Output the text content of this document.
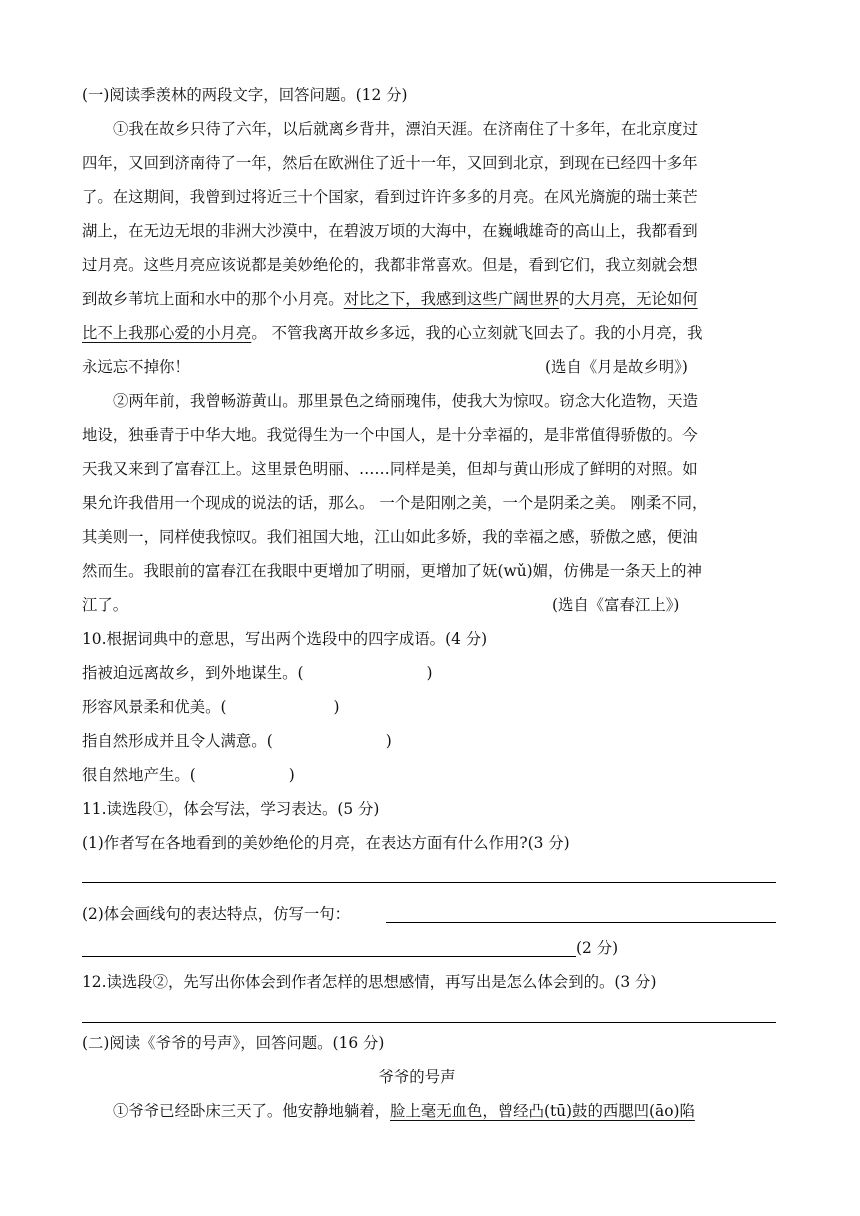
(一)阅读季羡林的两段文字，回答问题。(12 分)

①我在故乡只待了六年，以后就离乡背井，漂泊天涯。在济南住了十多年，在北京度过

四年，又回到济南待了一年，然后在欧洲住了近十一年，又回到北京，到现在已经四十多年

了。在这期间，我曾到过将近三十个国家，看到过许许多多的月亮。在风光旖旎的瑞士莱芒

湖上，在无边无垠的非洲大沙漠中，在碧波万顷的大海中，在巍峨雄奇的高山上，我都看到

过月亮。这些月亮应该说都是美妙绝伦的，我都非常喜欢。但是，看到它们，我立刻就会想

到故乡苇坑上面和水中的那个小月亮。对比之下，我感到这些广阔世界的大月亮，无论如何

比不上我那心爱的小月亮。 不管我离开故乡多远，我的心立刻就飞回去了。我的小月亮，我

永远忘不掉你！	(选自《月是故乡明》)

②两年前，我曾畅游黄山。那里景色之绮丽瑰伟，使我大为惊叹。窃念大化造物，天造

地设，独垂青于中华大地。我觉得生为一个中国人，是十分幸福的，是非常值得骄傲的。今

天我又来到了富春江上。这里景色明丽、……同样是美，但却与黄山形成了鲜明的对照。如

果允许我借用一个现成的说法的话，那么。 一个是阳刚之美，一个是阴柔之美。 刚柔不同，

其美则一，同样使我惊叹。我们祖国大地，江山如此多娇，我的幸福之感，骄傲之感，便油

然而生。我眼前的富春江在我眼中更增加了明丽，更增加了妩(wǔ)媚，仿佛是一条天上的神

江了。	(选自《富春江上》)

10.根据词典中的意思，写出两个选段中的四字成语。(4 分)

指被迫远离故乡，到外地谋生。(	)

形容风景柔和优美。(	)

指自然形成并且令人满意。(	)

很自然地产生。(	)

11.读选段①，体会写法，学习表达。(5 分)

(1)作者写在各地看到的美妙绝伦的月亮，在表达方面有什么作用?(3 分)

(2)体会画线句的表达特点，仿写一句：

(2 分)

12.读选段②，先写出你体会到作者怎样的思想感情，再写出是怎么体会到的。(3 分)

(二)阅读《爷爷的号声》，回答问题。(16 分)

爷爷的号声

①爷爷已经卧床三天了。他安静地躺着，脸上毫无血色，曾经凸(tū)鼓的西腮凹(āo)陷
